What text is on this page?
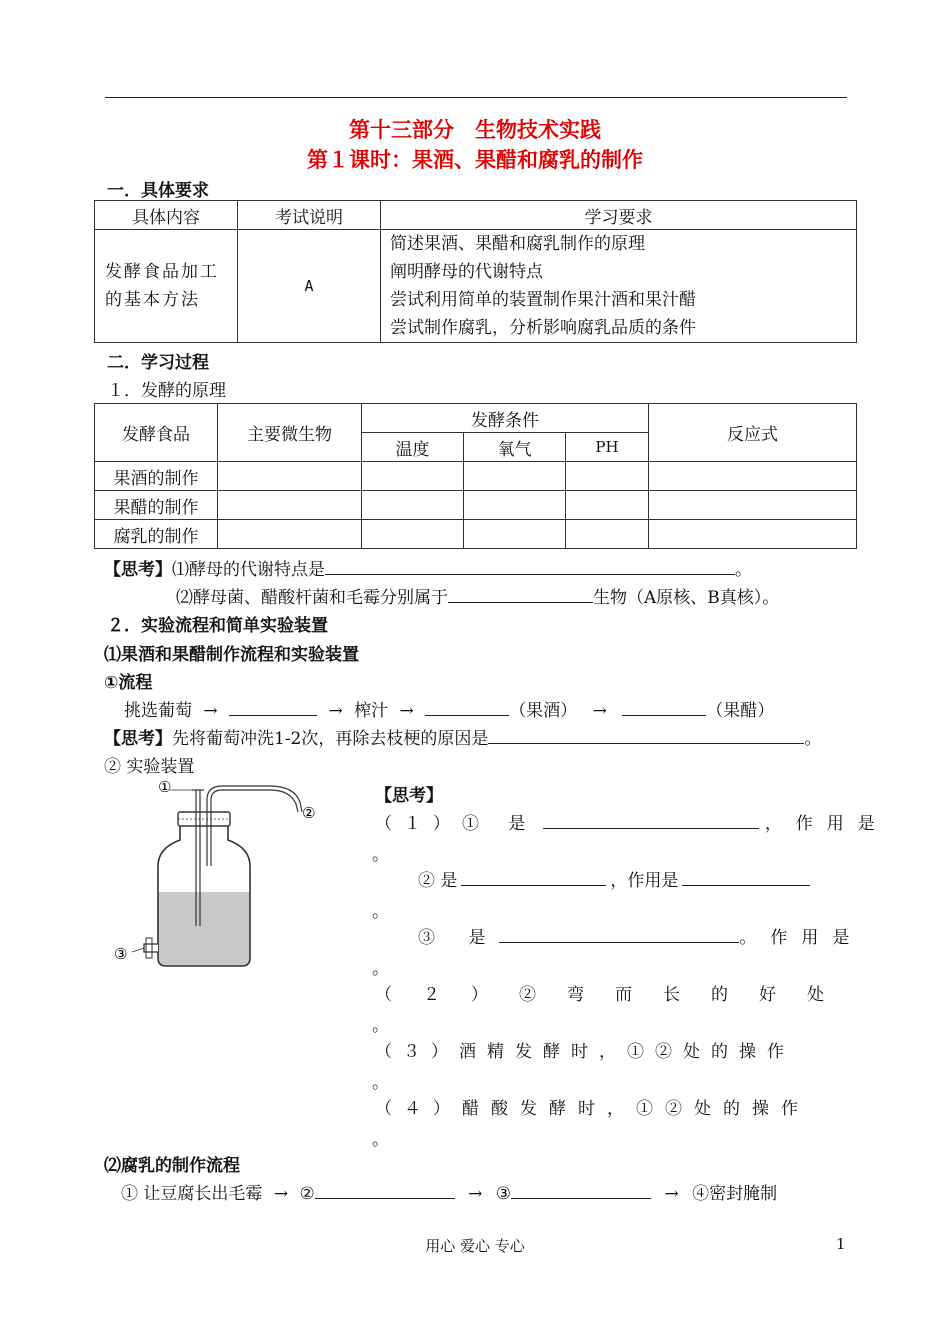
第十三部分　生物技术实践
第１课时：果酒、果醋和腐乳的制作
一．具体要求
具体内容	考试说明	学习要求
发酵食品加工的基本方法	A	简述果酒、果醋和腐乳制作的原理
阐明酵母的代谢特点
尝试利用简单的装置制作果汁酒和果汁醋
尝试制作腐乳，分析影响腐乳品质的条件
二．学习过程
１．发酵的原理
发酵食品	主要微生物	发酵条件			反应式
		温度	氧气	PH	
果酒的制作					
果醋的制作					
腐乳的制作					
【思考】⑴酵母的代谢特点是	。
⑵酵母菌、醋酸杆菌和毛霉分别属于	生物（A原核、B真核）。
２．实验流程和简单实验装置
⑴果酒和果醋制作流程和实验装置
①流程
挑选葡萄 →	→ 榨汁 →	（果酒） →	（果醋）
【思考】先将葡萄冲洗1-2次，再除去枝梗的原因是	。
② 实验装置
①
②
③
【思考】
（１）① 是	，作用是
。
② 是	，作用是
。
③ 是	。作用是
。
（２）②弯而长的好处
。
（３）酒精发酵时，①②处的操作
。
（４）醋酸发酵时，①②处的操作
。
⑵腐乳的制作流程
① 让豆腐长出毛霉 → ②	→ ③	→ ④密封腌制
用心 爱心 专心	1
